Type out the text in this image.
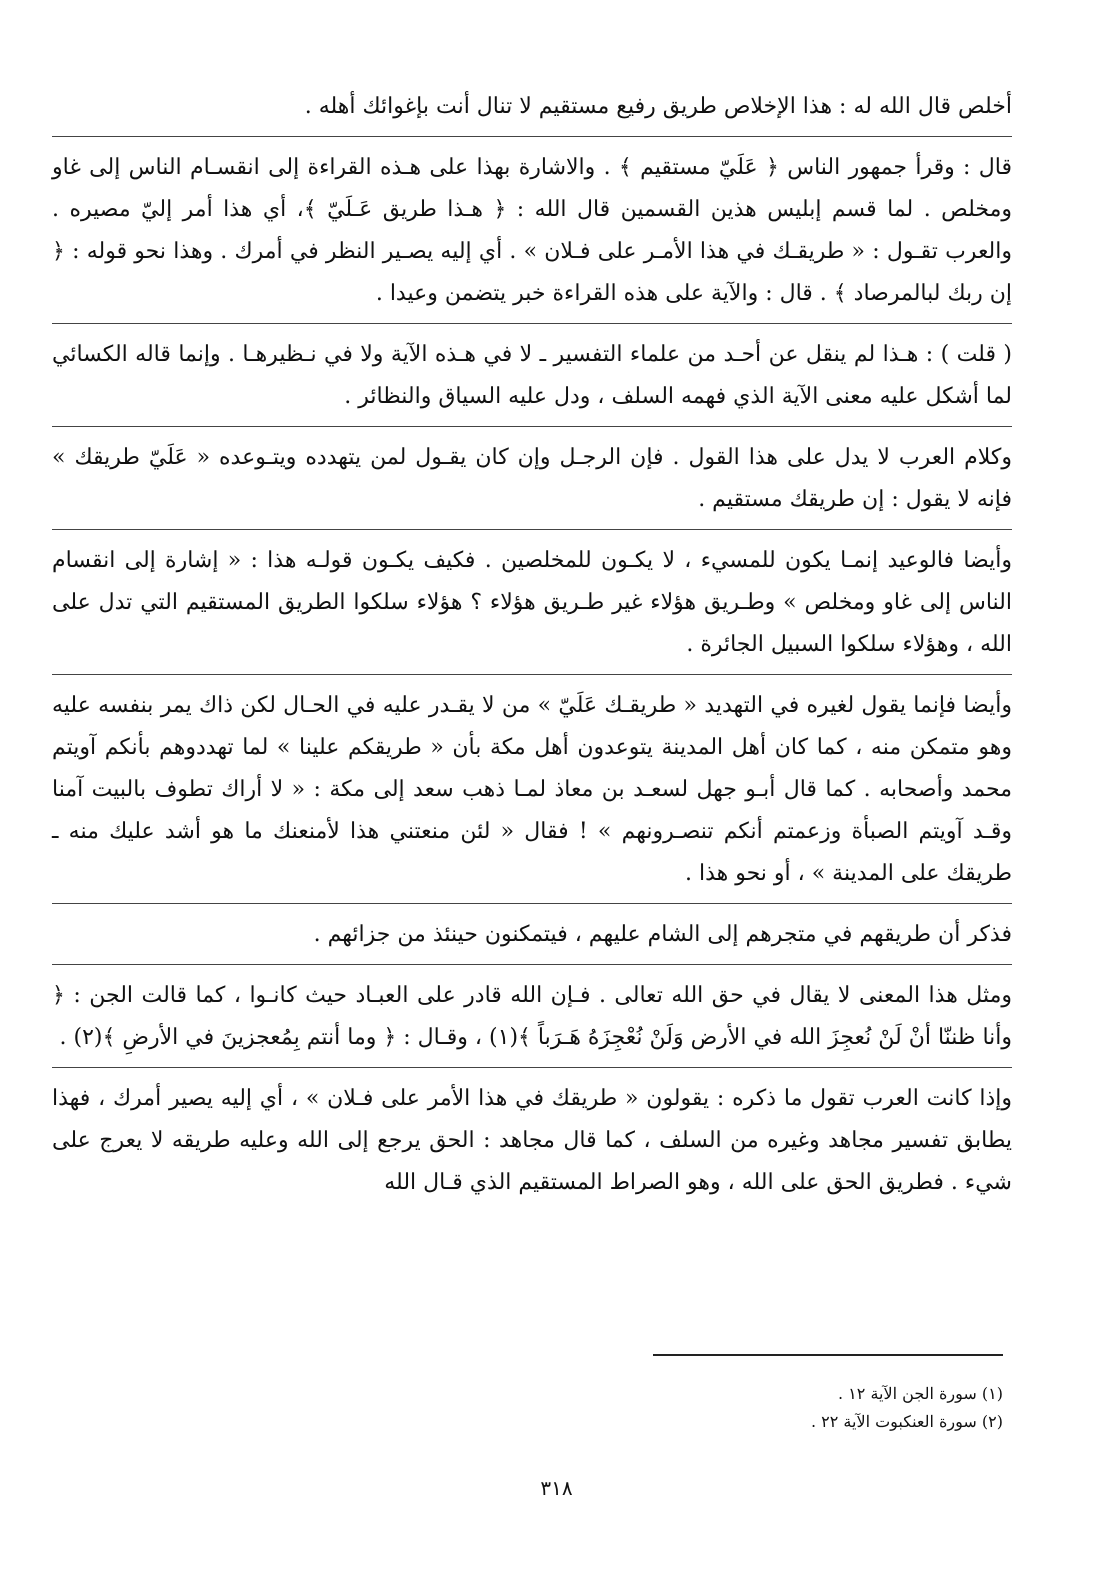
أخلص قال الله له : هذا الإخلاص طريق رفيع مستقيم لا تنال أنت بإغوائك أهله .

قال : وقرأ جمهور الناس ﴿ عَلَيّ مستقيم ﴾ . والاشارة بهذا على هـذه القراءة إلى انقسـام الناس إلى غاو ومخلص . لما قسم إبليس هذين القسمين قال الله : ﴿ هـذا طريق عَـلَيّ ﴾، أي هذا أمر إليّ مصيره . والعرب تقـول : « طريقـك في هذا الأمـر على فـلان » . أي إليه يصـير النظر في أمرك . وهذا نحو قوله : ﴿ إن ربك لبالمرصاد ﴾ . قال : والآية على هذه القراءة خبر يتضمن وعيدا .

( قلت ) : هـذا لم ينقل عن أحـد من علماء التفسير ـ لا في هـذه الآية ولا في نـظيرهـا . وإنما قاله الكسائي لما أشكل عليه معنى الآية الذي فهمه السلف ، ودل عليه السياق والنظائر .

وكلام العرب لا يدل على هذا القول . فإن الرجـل وإن كان يقـول لمن يتهدده ويتـوعده « عَلَيّ طريقك » فإنه لا يقول : إن طريقك مستقيم .

وأيضا فالوعيد إنمـا يكون للمسيء ، لا يكـون للمخلصين . فكيف يكـون قولـه هذا : « إشارة إلى انقسام الناس إلى غاو ومخلص » وطـريق هؤلاء غير طـريق هؤلاء ؟ هؤلاء سلكوا الطريق المستقيم التي تدل على الله ، وهؤلاء سلكوا السبيل الجائرة .

وأيضا فإنما يقول لغيره في التهديد « طريقـك عَلَيّ » من لا يقـدر عليه في الحـال لكن ذاك يمر بنفسه عليه وهو متمكن منه ، كما كان أهل المدينة يتوعدون أهل مكة بأن « طريقكم علينا » لما تهددوهم بأنكم آويتم محمد وأصحابه . كما قال أبـو جهل لسعـد بن معاذ لمـا ذهب سعد إلى مكة : « لا أراك تطوف بالبيت آمنا وقـد آويتم الصبأة وزعمتم أنكم تنصـرونهم » ! فقال « لئن منعتني هذا لأمنعنك ما هو أشد عليك منه ـ طريقك على المدينة » ، أو نحو هذا .

فذكر أن طريقهم في متجرهم إلى الشام عليهم ، فيتمكنون حينئذ من جزائهم .

ومثل هذا المعنى لا يقال في حق الله تعالى . فـإن الله قادر على العبـاد حيث كانـوا ، كما قالت الجن : ﴿ وأنا ظننّا أنْ لَنْ نُعجِزَ الله في الأرض وَلَنْ نُعْجِزَهُ هَـرَباً ﴾(١) ، وقـال : ﴿ وما أنتم بِمُعجزينَ في الأرضِ ﴾(٢) .

وإذا كانت العرب تقول ما ذكره : يقولون « طريقك في هذا الأمر على فـلان » ، أي إليه يصير أمرك ، فهذا يطابق تفسير مجاهد وغيره من السلف ، كما قال مجاهد : الحق يرجع إلى الله وعليه طريقه لا يعرج على شيء . فطريق الحق على الله ، وهو الصراط المستقيم الذي قـال الله

(١) سورة الجن الآية ١٢ .

(٢) سورة العنكبوت الآية ٢٢ .

٣١٨
